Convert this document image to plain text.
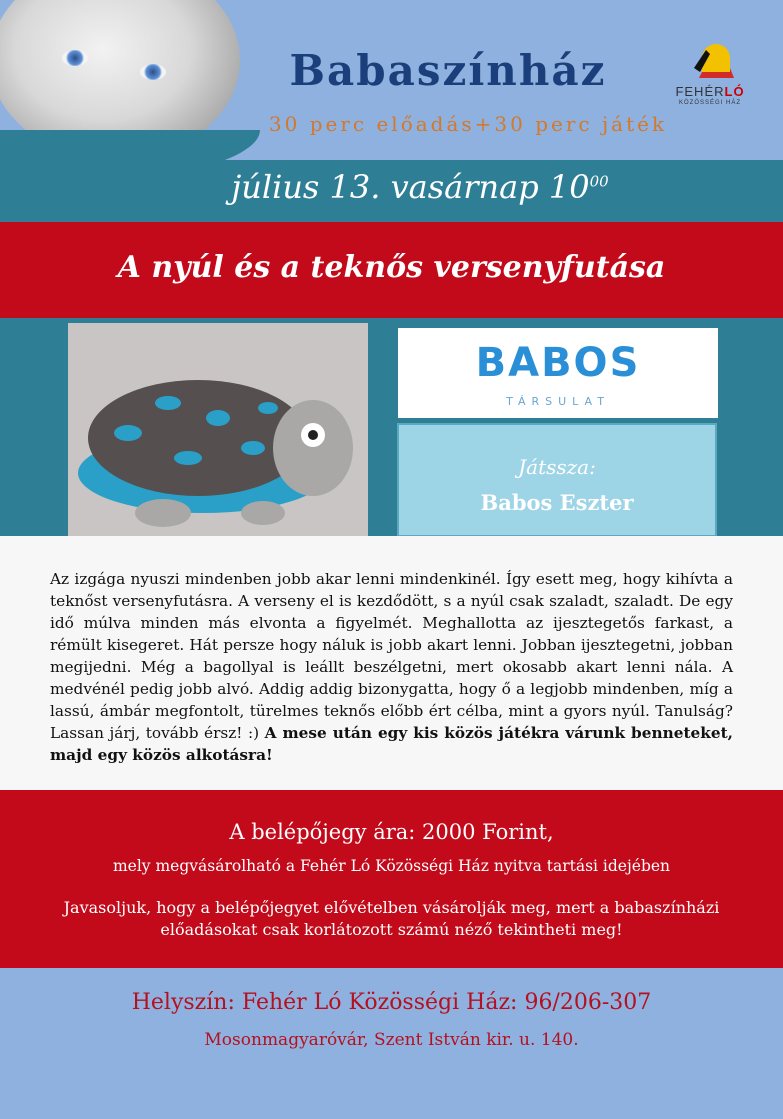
Babaszínház
30 perc előadás+30 perc játék
FEHÉRLÓ
KÖZÖSSÉGI HÁZ
július 13. vasárnap $10^{00}$
A nyúl és a teknős versenyfutása
BABOS
TÁRSULAT
Játssza:
Babos Eszter
Az izgága nyuszi mindenben jobb akar lenni mindenkinél. Így esett meg, hogy kihívta a teknőst versenyfutásra. A verseny el is kezdődött, s a nyúl csak szaladt, szaladt. De egy idő múlva minden más elvonta a figyelmét. Meghallotta az ijesztegetős farkast, a rémült kisegeret. Hát persze hogy náluk is jobb akart lenni. Jobban ijesztegetni, jobban megijedni. Még a bagollyal is leállt beszélgetni, mert okosabb akart lenni nála. A medvénél pedig jobb alvó. Addig addig bizonygatta, hogy ő a legjobb mindenben, míg a lassú, ámbár megfontolt, türelmes teknős előbb ért célba, mint a gyors nyúl. Tanulság? Lassan járj, tovább érsz! :) A mese után egy kis közös játékra várunk benneteket, majd egy közös alkotásra!
A belépőjegy ára: 2000 Forint,
mely megvásárolható a Fehér Ló Közösségi Ház nyitva tartási idejében
Javasoljuk, hogy a belépőjegyet elővételben vásárolják meg, mert a babaszínházi előadásokat csak korlátozott számú néző tekintheti meg!
Helyszín: Fehér Ló Közösségi Ház: 96/206-307
Mosonmagyaróvár, Szent István kir. u. 140.
